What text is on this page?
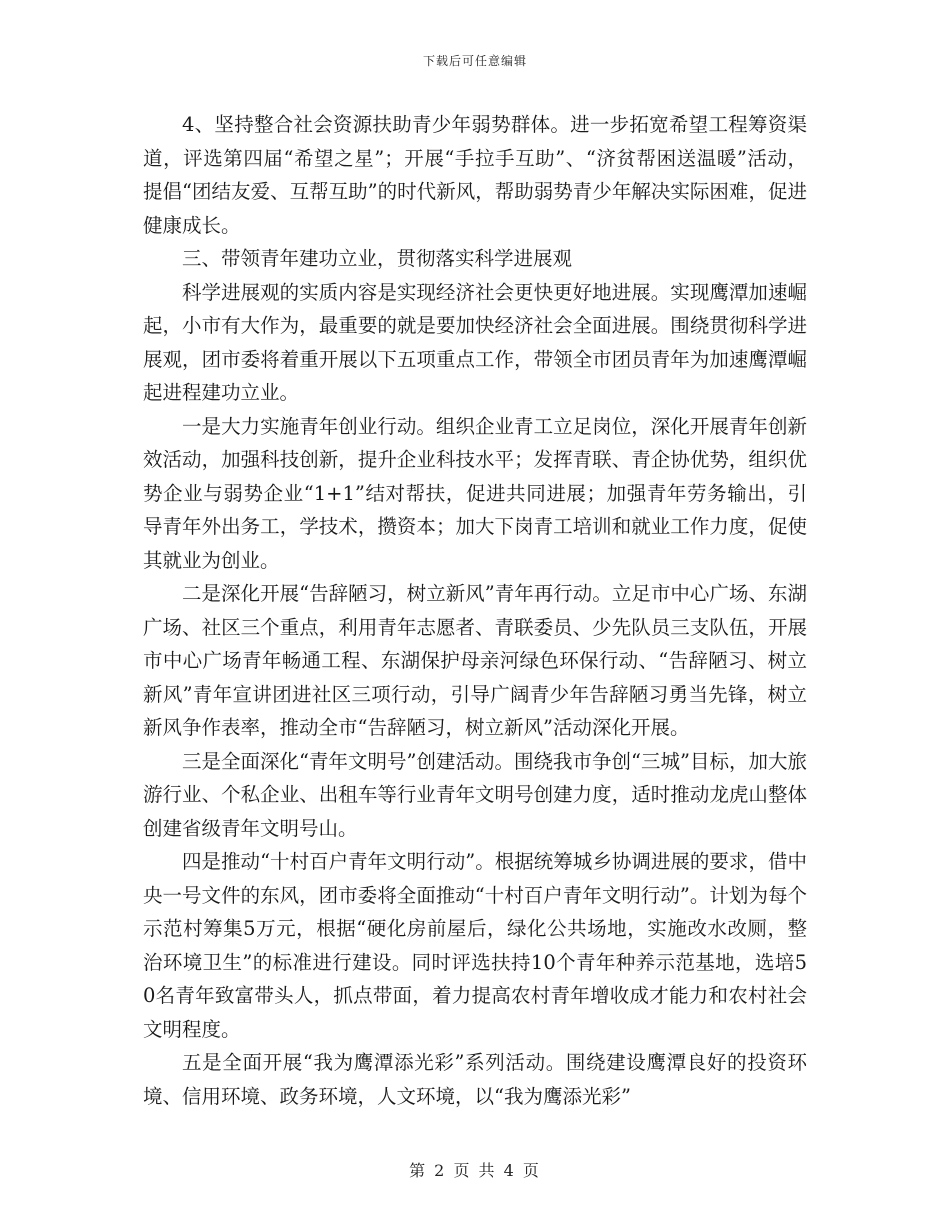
下载后可任意编辑

4、坚持整合社会资源扶助青少年弱势群体。进一步拓宽希望工程筹资渠道，评选第四届“希望之星”；开展“手拉手互助”、“济贫帮困送温暖”活动，提倡“团结友爱、互帮互助”的时代新风，帮助弱势青少年解决实际困难，促进健康成长。

三、带领青年建功立业，贯彻落实科学进展观

科学进展观的实质内容是实现经济社会更快更好地进展。实现鹰潭加速崛起，小市有大作为，最重要的就是要加快经济社会全面进展。围绕贯彻科学进展观，团市委将着重开展以下五项重点工作，带领全市团员青年为加速鹰潭崛起进程建功立业。

一是大力实施青年创业行动。组织企业青工立足岗位，深化开展青年创新效活动，加强科技创新，提升企业科技水平；发挥青联、青企协优势，组织优势企业与弱势企业“1+1”结对帮扶，促进共同进展；加强青年劳务输出，引导青年外出务工，学技术，攒资本；加大下岗青工培训和就业工作力度，促使其就业为创业。

二是深化开展“告辞陋习，树立新风”青年再行动。立足市中心广场、东湖广场、社区三个重点，利用青年志愿者、青联委员、少先队员三支队伍，开展市中心广场青年畅通工程、东湖保护母亲河绿色环保行动、“告辞陋习、树立新风”青年宣讲团进社区三项行动，引导广阔青少年告辞陋习勇当先锋，树立新风争作表率，推动全市“告辞陋习，树立新风”活动深化开展。

三是全面深化“青年文明号”创建活动。围绕我市争创“三城”目标，加大旅游行业、个私企业、出租车等行业青年文明号创建力度，适时推动龙虎山整体创建省级青年文明号山。

四是推动“十村百户青年文明行动”。根据统筹城乡协调进展的要求，借中央一号文件的东风，团市委将全面推动“十村百户青年文明行动”。计划为每个示范村筹集5万元，根据“硬化房前屋后，绿化公共场地，实施改水改厕，整治环境卫生”的标准进行建设。同时评选扶持10个青年种养示范基地，选培50名青年致富带头人，抓点带面，着力提高农村青年增收成才能力和农村社会文明程度。

五是全面开展“我为鹰潭添光彩”系列活动。围绕建设鹰潭良好的投资环境、信用环境、政务环境，人文环境，以“我为鹰添光彩”

第 2 页 共 4 页
